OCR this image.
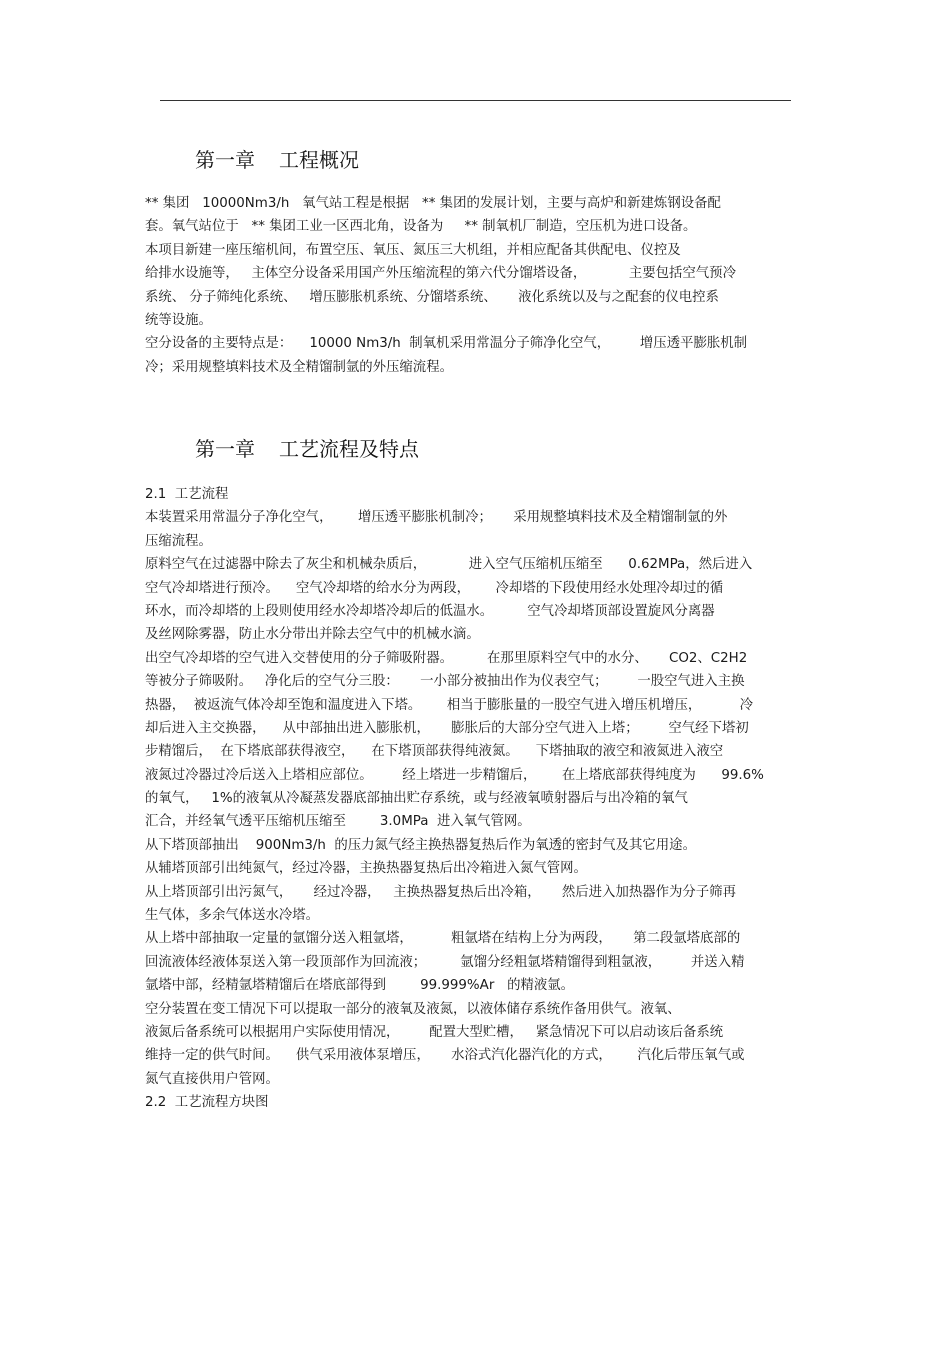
第一章 工程概况
** 集团   10000Nm3/h   氧气站工程是根据   ** 集团的发展计划，主要与高炉和新建炼钢设备配
套。氧气站位于   ** 集团工业一区西北角，设备为     ** 制氧机厂制造，空压机为进口设备。
本项目新建一座压缩机间，布置空压、氧压、氮压三大机组，并相应配备其供配电、仪控及
给排水设施等，   主体空分设备采用国产外压缩流程的第六代分馏塔设备，          主要包括空气预冷
系统、 分子筛纯化系统、   增压膨胀机系统、分馏塔系统、     液化系统以及与之配套的仪电控系
统等设施。
空分设备的主要特点是：    10000 Nm3/h  制氧机采用常温分子筛净化空气，       增压透平膨胀机制
冷；采用规整填料技术及全精馏制氩的外压缩流程。
第一章 工艺流程及特点
2.1  工艺流程
本装置采用常温分子净化空气，      增压透平膨胀机制冷；     采用规整填料技术及全精馏制氩的外
压缩流程。
原料空气在过滤器中除去了灰尘和机械杂质后，          进入空气压缩机压缩至      0.62MPa，然后进入
空气冷却塔进行预冷。    空气冷却塔的给水分为两段，      冷却塔的下段使用经水处理冷却过的循
环水，而冷却塔的上段则使用经水冷却塔冷却后的低温水。        空气冷却塔顶部设置旋风分离器
及丝网除雾器，防止水分带出并除去空气中的机械水滴。
出空气冷却塔的空气进入交替使用的分子筛吸附器。        在那里原料空气中的水分、     CO2、C2H2
等被分子筛吸附。   净化后的空气分三股：     一小部分被抽出作为仪表空气；       一股空气进入主换
热器，  被返流气体冷却至饱和温度进入下塔。      相当于膨胀量的一股空气进入增压机增压，         冷
却后进入主交换器，    从中部抽出进入膨胀机，     膨胀后的大部分空气进入上塔；       空气经下塔初
步精馏后，  在下塔底部获得液空，    在下塔顶部获得纯液氮。    下塔抽取的液空和液氮进入液空
液氮过冷器过冷后送入上塔相应部位。       经上塔进一步精馏后，      在上塔底部获得纯度为      99.6%
的氧气，   1%的液氧从冷凝蒸发器底部抽出贮存系统，或与经液氧喷射器后与出冷箱的氧气
汇合，并经氧气透平压缩机压缩至        3.0MPa  进入氧气管网。
从下塔顶部抽出    900Nm3/h  的压力氮气经主换热器复热后作为氧透的密封气及其它用途。
从辅塔顶部引出纯氮气，经过冷器，主换热器复热后出冷箱进入氮气管网。
从上塔顶部引出污氮气，     经过冷器，   主换热器复热后出冷箱，     然后进入加热器作为分子筛再
生气体，多余气体送水冷塔。
从上塔中部抽取一定量的氩馏分送入粗氩塔，         粗氩塔在结构上分为两段，     第二段氩塔底部的
回流液体经液体泵送入第一段顶部作为回流液；        氩馏分经粗氩塔精馏得到粗氩液，       并送入精
氩塔中部，经精氩塔精馏后在塔底部得到        99.999%Ar   的精液氩。
空分装置在变工情况下可以提取一部分的液氧及液氮，以液体储存系统作备用供气。液氧、
液氮后备系统可以根据用户实际使用情况，       配置大型贮槽，   紧急情况下可以启动该后备系统
维持一定的供气时间。    供气采用液体泵增压，     水浴式汽化器汽化的方式，      汽化后带压氧气或
氮气直接供用户管网。
2.2  工艺流程方块图
